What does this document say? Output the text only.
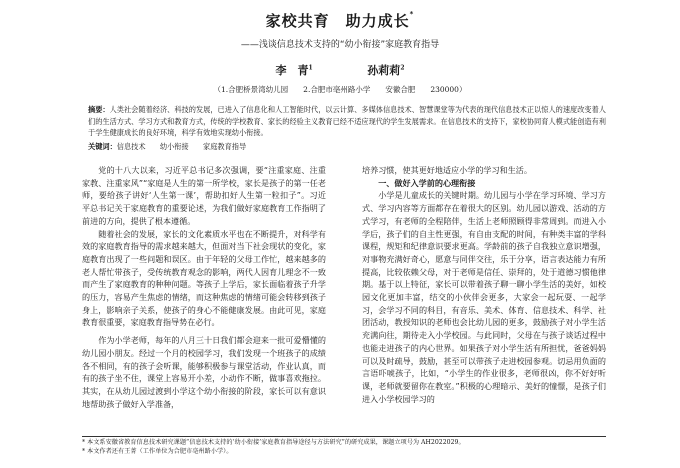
家校共育　助力成长*
——浅谈信息技术支持的“幼小衔接”家庭教育指导
李　青$^1$	孙莉莉$^2$
（1.合肥桥景湾幼儿园　　2.合肥市亳州路小学　　安徽合肥　　230000）
摘要：人类社会随着经济、科技的发展，已进入了信息化和人工智能时代，以云计算、多媒体信息技术、智慧课堂等为代表的现代信息技术正以惊人的速度改变着人们的生活方式、学习方式和教育方式，传统的学校教育、家长的经验主义教育已经不适应现代的学生发展需求。在信息技术的支持下，家校协同育人模式能创造有利于学生健康成长的良好环境，科学有效地实现幼小衔接。
关键词：信息技术　　幼小衔接　　家庭教育指导

党的十八大以来，习近平总书记多次强调，要“注重家庭、注重家教、注重家风”“家庭是人生的第一所学校，家长是孩子的第一任老师，要给孩子讲好‘人生第一课’，帮助扣好人生第一粒扣子”。习近平总书记关于家庭教育的重要论述，为我们做好家庭教育工作指明了前进的方向，提供了根本遵循。

随着社会的发展，家长的文化素质水平也在不断提升，对科学有效的家庭教育指导的需求越来越大，但面对当下社会现状的变化，家庭教育出现了一些问题和误区。由于年轻的父母工作忙，越来越多的老人帮忙带孩子，受传统教育观念的影响，两代人因育儿理念不一致而产生了家庭教育的种种问题。等孩子上学后，家长面临着孩子升学的压力，容易产生焦虑的情绪，而这种焦虑的情绪可能会转移到孩子身上，影响亲子关系，使孩子的身心不能健康发展。由此可见，家庭教育很重要，家庭教育指导势在必行。

作为小学老师，每年的八月三十日我们都会迎来一批可爱懵懂的幼儿园小朋友。经过一个月的校园学习，我们发现一个班孩子的成绩各不相同，有的孩子会听课，能够积极参与课堂活动，作业认真，而有的孩子坐不住，课堂上容易开小差，小动作不断，做事喜欢拖拉。其实，在从幼儿园过渡到小学这个幼小衔接的阶段，家长可以有意识地帮助孩子做好入学准备，

培养习惯，使其更好地适应小学的学习和生活。

一、做好入学前的心理衔接

小学是儿童成长的关键时期。幼儿园与小学在学习环境、学习方式、学习内容等方面都存在着很大的区别。幼儿园以游戏、活动的方式学习，有老师的全程陪伴，生活上老师照顾得非常周到。而进入小学后，孩子们的自主性更强，有自由支配的时间，有种类丰富的学科课程，规矩和纪律意识要求更高。学龄前的孩子自我独立意识增强，对事物充满好奇心，愿意与同伴交往，乐于分享，语言表达能力有所提高，比较依赖父母，对于老师是信任、崇拜的，处于道德习惯他律期。基于以上特征，家长可以带着孩子聊一聊小学生活的美好，如校园文化更加丰富，结交的小伙伴会更多，大家会一起玩耍、一起学习，会学习不同的科目，有音乐、美术、体育、信息技术、科学、社团活动，教授知识的老师也会比幼儿园的更多，鼓励孩子对小学生活充满向往，期待走入小学校园。与此同时，父母在与孩子谈话过程中也能走进孩子的内心世界。如果孩子对小学生活有所担忧，爸爸妈妈可以及时疏导，鼓励，甚至可以带孩子走进校园参观。切忌用负面的言语吓唬孩子，比如，“小学生的作业很多，老师很凶，你不好好听课，老师就要留你在教室。”积极的心理暗示、美好的憧憬，是孩子们进入小学校园学习的

* 本文系安徽省教育信息技术研究课题“信息技术支持的‘幼小衔接’家庭教育指导途径与方法研究”的研究成果，课题立项号为 AH2022029。
* 本文作者还有王菁（工作单位为合肥市亳州路小学）。
